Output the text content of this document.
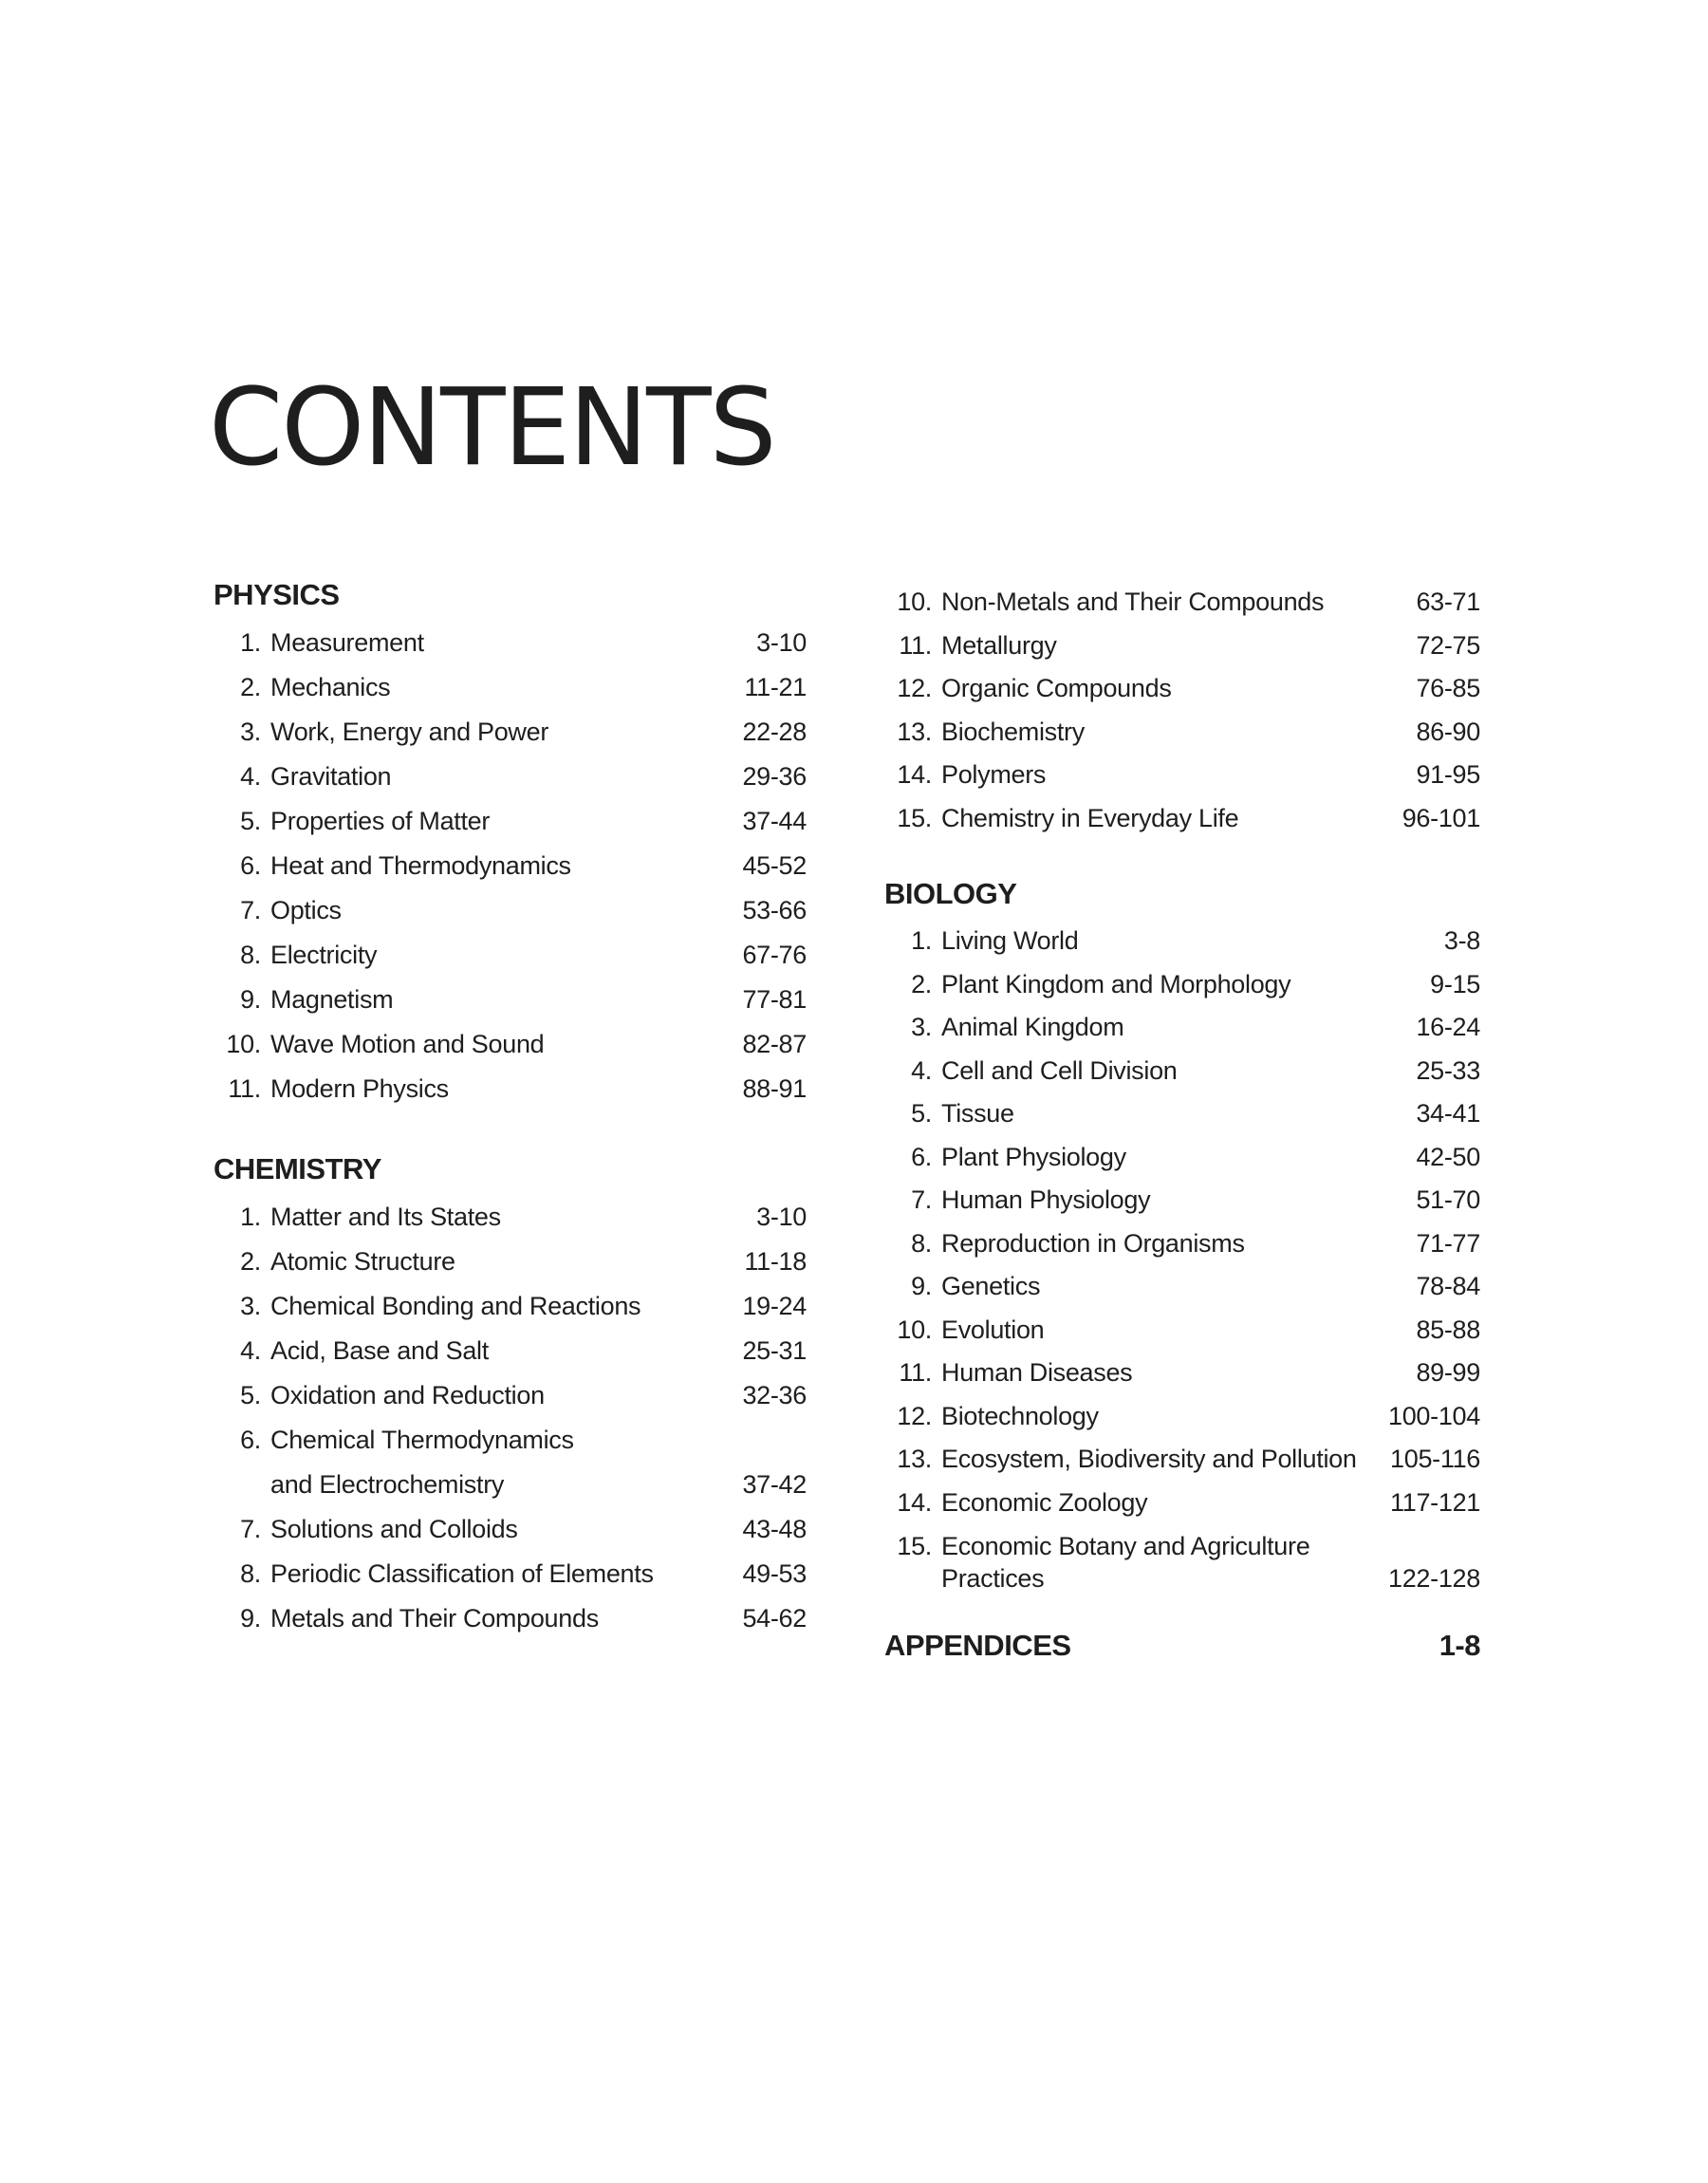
CONTENTS
PHYSICS
1. Measurement	3-10
2. Mechanics	11-21
3. Work, Energy and Power	22-28
4. Gravitation	29-36
5. Properties of Matter	37-44
6. Heat and Thermodynamics	45-52
7. Optics	53-66
8. Electricity	67-76
9. Magnetism	77-81
10. Wave Motion and Sound	82-87
11. Modern Physics	88-91
CHEMISTRY
1. Matter and Its States	3-10
2. Atomic Structure	11-18
3. Chemical Bonding and Reactions	19-24
4. Acid, Base and Salt	25-31
5. Oxidation and Reduction	32-36
6. Chemical Thermodynamics
and Electrochemistry	37-42
7. Solutions and Colloids	43-48
8. Periodic Classification of Elements	49-53
9. Metals and Their Compounds	54-62
10. Non-Metals and Their Compounds	63-71
11. Metallurgy	72-75
12. Organic Compounds	76-85
13. Biochemistry	86-90
14. Polymers	91-95
15. Chemistry in Everyday Life	96-101
BIOLOGY
1. Living World	3-8
2. Plant Kingdom and Morphology	9-15
3. Animal Kingdom	16-24
4. Cell and Cell Division	25-33
5. Tissue	34-41
6. Plant Physiology	42-50
7. Human Physiology	51-70
8. Reproduction in Organisms	71-77
9. Genetics	78-84
10. Evolution	85-88
11. Human Diseases	89-99
12. Biotechnology	100-104
13. Ecosystem, Biodiversity and Pollution	105-116
14. Economic Zoology	117-121
15. Economic Botany and Agriculture
Practices	122-128
APPENDICES	1-8
